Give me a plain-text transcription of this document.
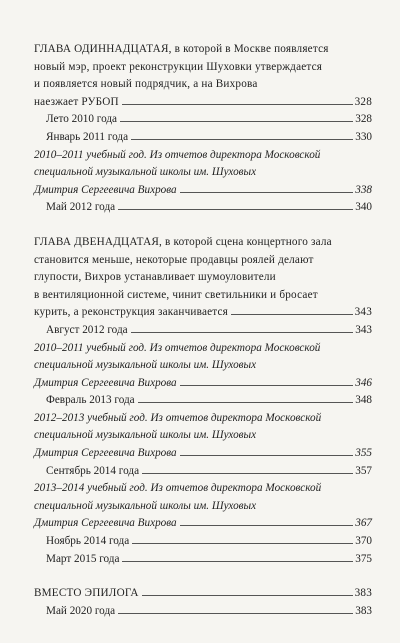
ГЛАВА ОДИННАДЦАТАЯ, в которой в Москве появляется
новый мэр, проект реконструкции Шуховки утверждается
и появляется новый подрядчик, а на Вихрова
наезжает РУБОП	328
Лето 2010 года	328
Январь 2011 года	330
2010–2011 учебный год. Из отчетов директора Московской
специальной музыкальной школы им. Шуховых
Дмитрия Сергеевича Вихрова	338
Май 2012 года	340
ГЛАВА ДВЕНАДЦАТАЯ, в которой сцена концертного зала
становится меньше, некоторые продавцы роялей делают
глупости, Вихров устанавливает шумоуловители
в вентиляционной системе, чинит светильники и бросает
курить, а реконструкция заканчивается	343
Август 2012 года	343
2010–2011 учебный год. Из отчетов директора Московской
специальной музыкальной школы им. Шуховых
Дмитрия Сергеевича Вихрова	346
Февраль 2013 года	348
2012–2013 учебный год. Из отчетов директора Московской
специальной музыкальной школы им. Шуховых
Дмитрия Сергеевича Вихрова	355
Сентябрь 2014 года	357
2013–2014 учебный год. Из отчетов директора Московской
специальной музыкальной школы им. Шуховых
Дмитрия Сергеевича Вихрова	367
Ноябрь 2014 года	370
Март 2015 года	375
ВМЕСТО ЭПИЛОГА	383
Май 2020 года	383
